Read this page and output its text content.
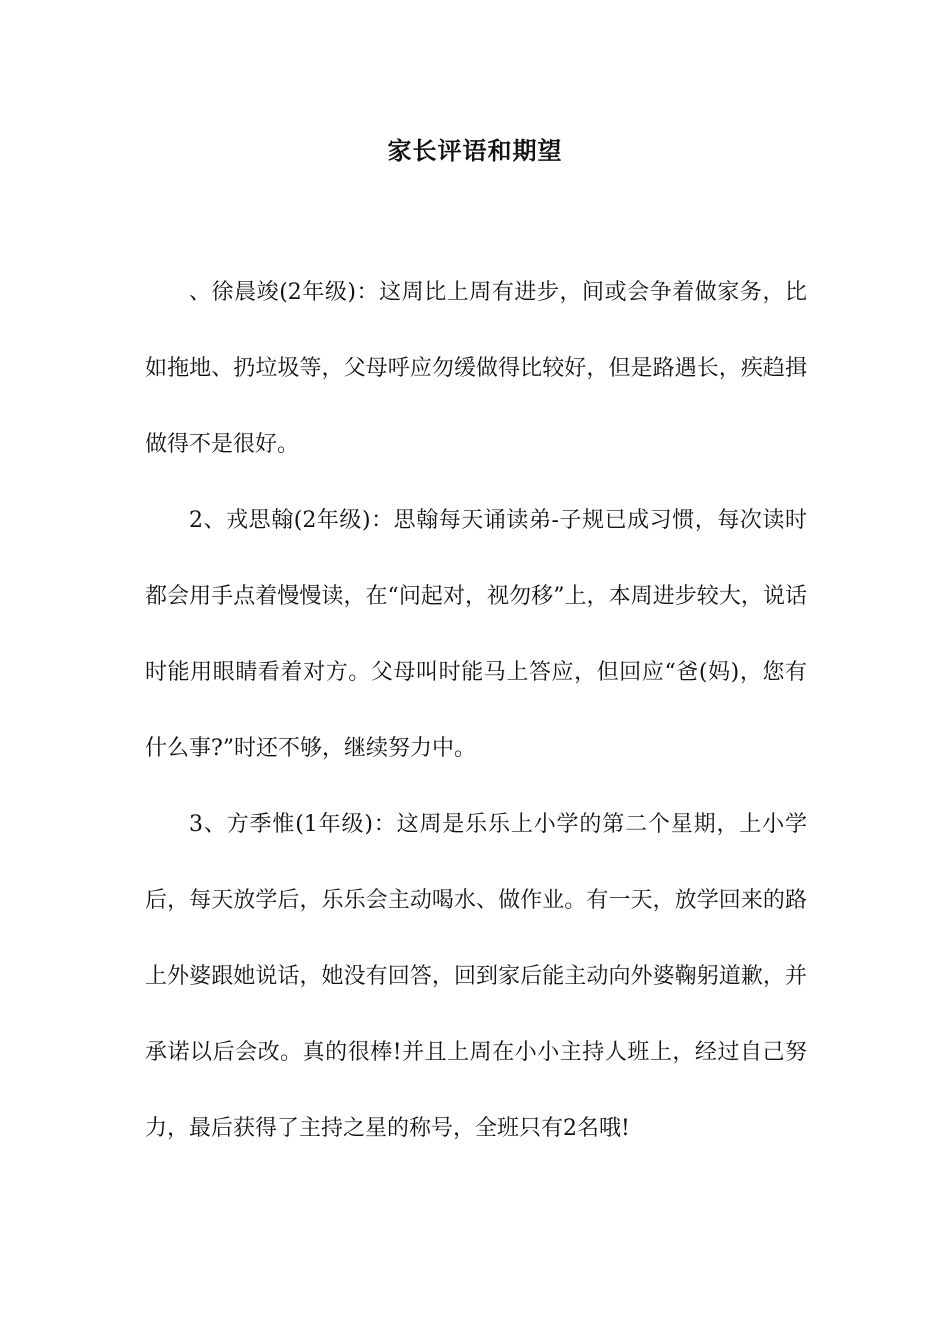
家长评语和期望

、徐晨竣(2年级)：这周比上周有进步，间或会争着做家务，比如拖地、扔垃圾等，父母呼应勿缓做得比较好，但是路遇长，疾趋揖做得不是很好。

2、戎思翰(2年级)：思翰每天诵读弟-子规已成习惯，每次读时都会用手点着慢慢读，在“问起对，视勿移”上，本周进步较大，说话时能用眼睛看着对方。父母叫时能马上答应，但回应“爸(妈)，您有什么事?”时还不够，继续努力中。

3、方季惟(1年级)：这周是乐乐上小学的第二个星期，上小学后，每天放学后，乐乐会主动喝水、做作业。有一天，放学回来的路上外婆跟她说话，她没有回答，回到家后能主动向外婆鞠躬道歉，并承诺以后会改。真的很棒!并且上周在小小主持人班上，经过自己努力，最后获得了主持之星的称号，全班只有2名哦!
